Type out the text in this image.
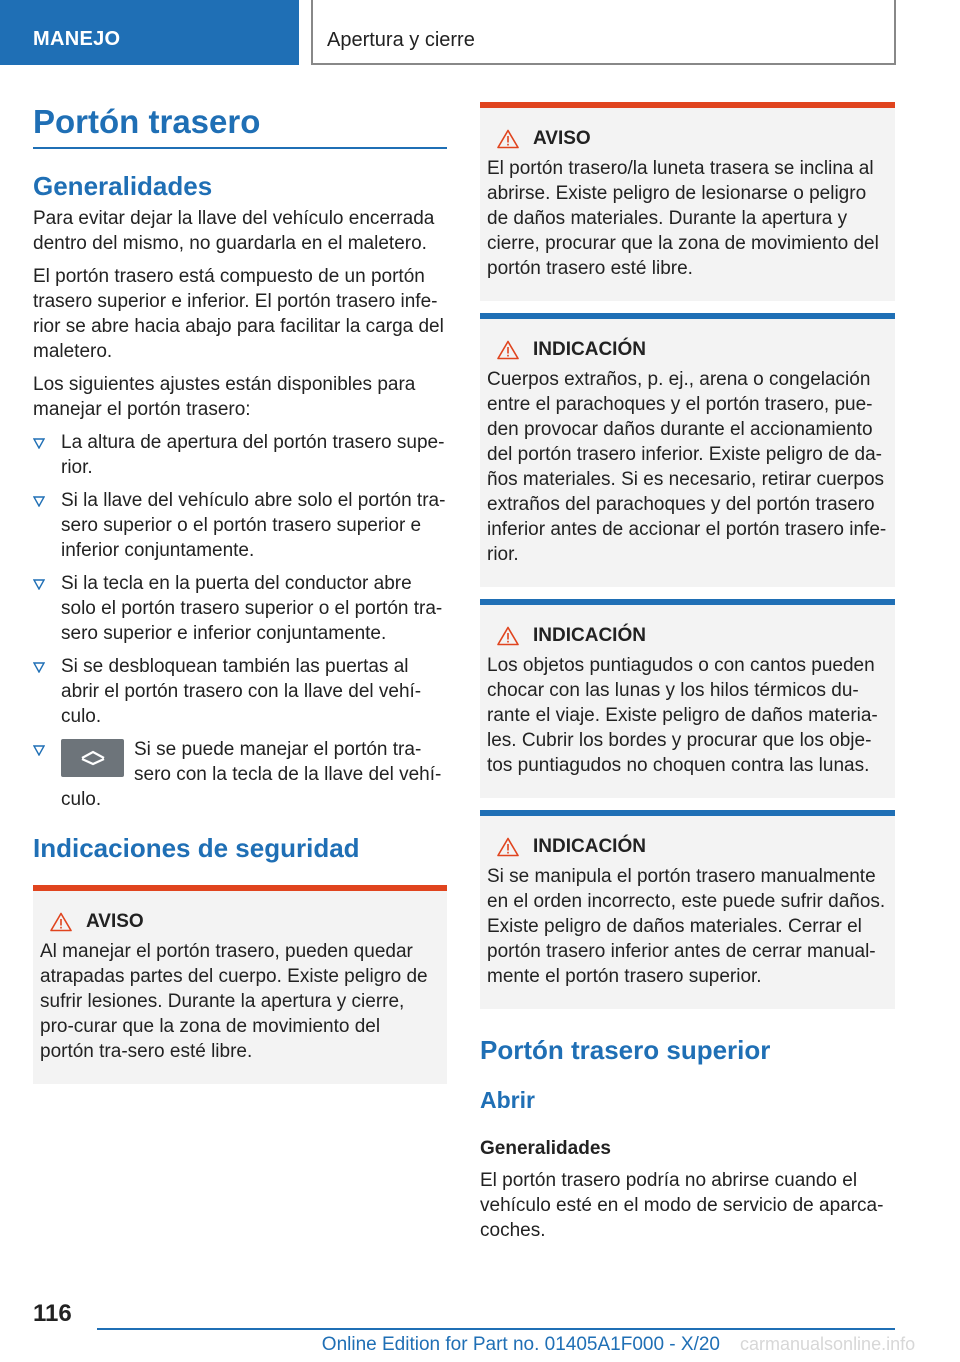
MANEJO	Apertura y cierre
Portón trasero
Generalidades

Para evitar dejar la llave del vehículo encerrada dentro del mismo, no guardarla en el maletero.

El portón trasero está compuesto de un portón trasero superior e inferior. El portón trasero infe-rior se abre hacia abajo para facilitar la carga del maletero.

Los siguientes ajustes están disponibles para manejar el portón trasero:

La altura de apertura del portón trasero supe-rior.
Si la llave del vehículo abre solo el portón tra-sero superior o el portón trasero superior e inferior conjuntamente.
Si la tecla en la puerta del conductor abre solo el portón trasero superior o el portón tra-sero superior e inferior conjuntamente.
Si se desbloquean también las puertas al abrir el portón trasero con la llave del vehí-culo.
Si se puede manejar el portón tra-sero con la tecla de la llave del vehí-culo.
Indicaciones de seguridad
AVISO
Al manejar el portón trasero, pueden quedar atrapadas partes del cuerpo. Existe peligro de sufrir lesiones. Durante la apertura y cierre, pro-curar que la zona de movimiento del portón tra-sero esté libre.
AVISO
El portón trasero/la luneta trasera se inclina al abrirse. Existe peligro de lesionarse o peligro de daños materiales. Durante la apertura y cierre, procurar que la zona de movimiento del portón trasero esté libre.
INDICACIÓN
Cuerpos extraños, p. ej., arena o congelación entre el parachoques y el portón trasero, pue-den provocar daños durante el accionamiento del portón trasero inferior. Existe peligro de da-ños materiales. Si es necesario, retirar cuerpos extraños del parachoques y del portón trasero inferior antes de accionar el portón trasero infe-rior.
INDICACIÓN
Los objetos puntiagudos o con cantos pueden chocar con las lunas y los hilos térmicos du-rante el viaje. Existe peligro de daños materia-les. Cubrir los bordes y procurar que los obje-tos puntiagudos no choquen contra las lunas.
INDICACIÓN
Si se manipula el portón trasero manualmente en el orden incorrecto, este puede sufrir daños. Existe peligro de daños materiales. Cerrar el portón trasero inferior antes de cerrar manual-mente el portón trasero superior.
Portón trasero superior
Abrir
Generalidades

El portón trasero podría no abrirse cuando el vehículo esté en el modo de servicio de aparca-coches.

116
Online Edition for Part no. 01405A1F000 - X/20 carmanualsonline.info
